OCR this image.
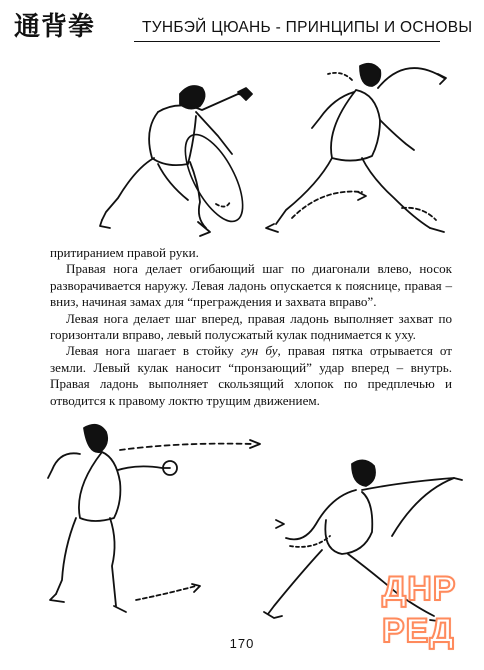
通背拳	ТУНБЭЙ ЦЮАНЬ - ПРИНЦИПЫ И ОСНОВЫ

притиранием правой руки.

Правая нога делает огибающий шаг по диагонали влево, носок разворачивается наружу. Левая ладонь опускается к пояснице, правая – вниз, начиная замах для “преграждения и захвата вправо”.

Левая нога делает шаг вперед, правая ладонь выполняет захват по горизонтали вправо, левый полусжатый кулак поднимается к уху.

Левая нога шагает в стойку гун бу, правая пятка отрывается от земли. Левый кулак наносит “пронзающий” удар вперед – внутрь. Правая ладонь выполняет скользящий хлопок по предплечью и отводится к правому локтю трущим движением.

170
ДНР
РЕД
